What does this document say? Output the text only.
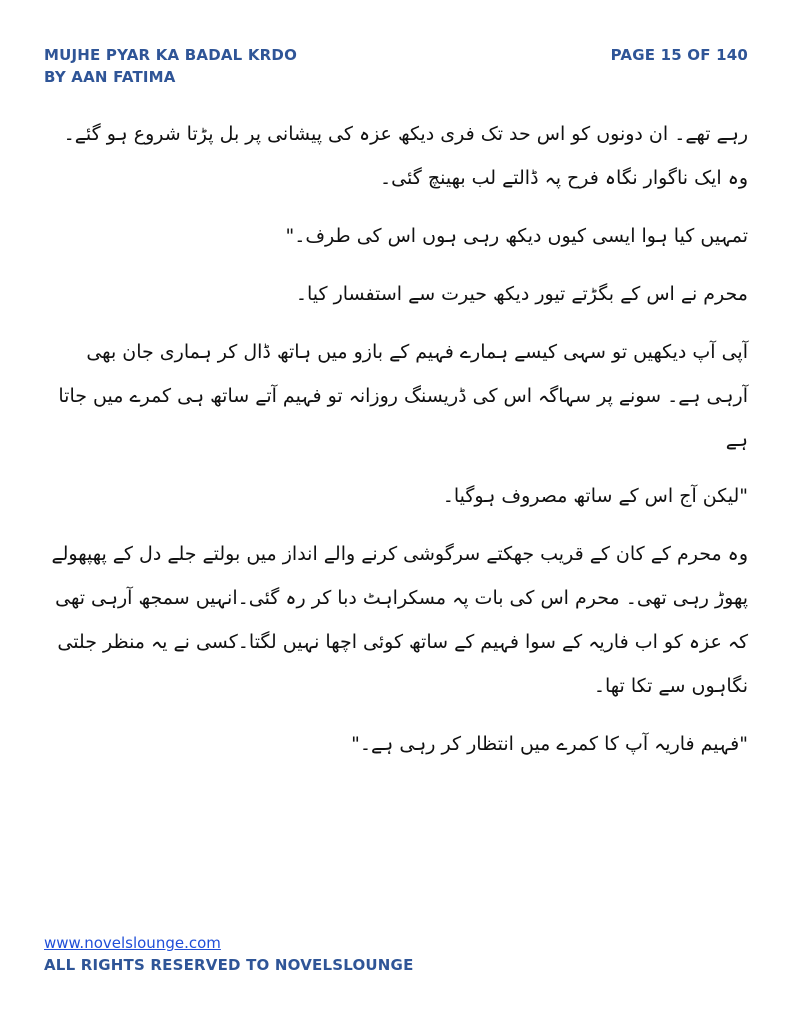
MUJHE PYAR KA BADAL KRDO
BY AAN FATIMA
PAGE 15 OF 140

رہے تھے۔ ان دونوں کو اس حد تک فری دیکھ عزہ کی پیشانی پر بل پڑتا شروع ہو گئے۔ وہ ایک ناگوار نگاہ فرح پہ ڈالتے لب بھینچ گئی۔

تمہیں کیا ہوا ایسی کیوں دیکھ رہی ہوں اس کی طرف۔"

محرم نے اس کے بگڑتے تیور دیکھ حیرت سے استفسار کیا۔

آپی آپ دیکھیں تو سہی کیسے ہمارے فہیم کے بازو میں ہاتھ ڈال کر ہماری جان بھی آرہی ہے۔ سونے پر سہاگہ اس کی ڈریسنگ روزانہ تو فہیم آتے ساتھ ہی کمرے میں جاتا ہے

"لیکن آج اس کے ساتھ مصروف ہوگیا۔

وہ محرم کے کان کے قریب جھکتے سرگوشی کرنے والے انداز میں بولتے جلے دل کے پھپھولے پھوڑ رہی تھی۔ محرم اس کی بات پہ مسکراہٹ دبا کر رہ گئی۔انہیں سمجھ آرہی تھی کہ عزہ کو اب فاریہ کے سوا فہیم کے ساتھ کوئی اچھا نہیں لگتا۔کسی نے یہ منظر جلتی نگاہوں سے تکا تھا۔

"فہیم فاریہ آپ کا کمرے میں انتظار کر رہی ہے۔"

www.novelslounge.com
ALL RIGHTS RESERVED TO NOVELSLOUNGE
